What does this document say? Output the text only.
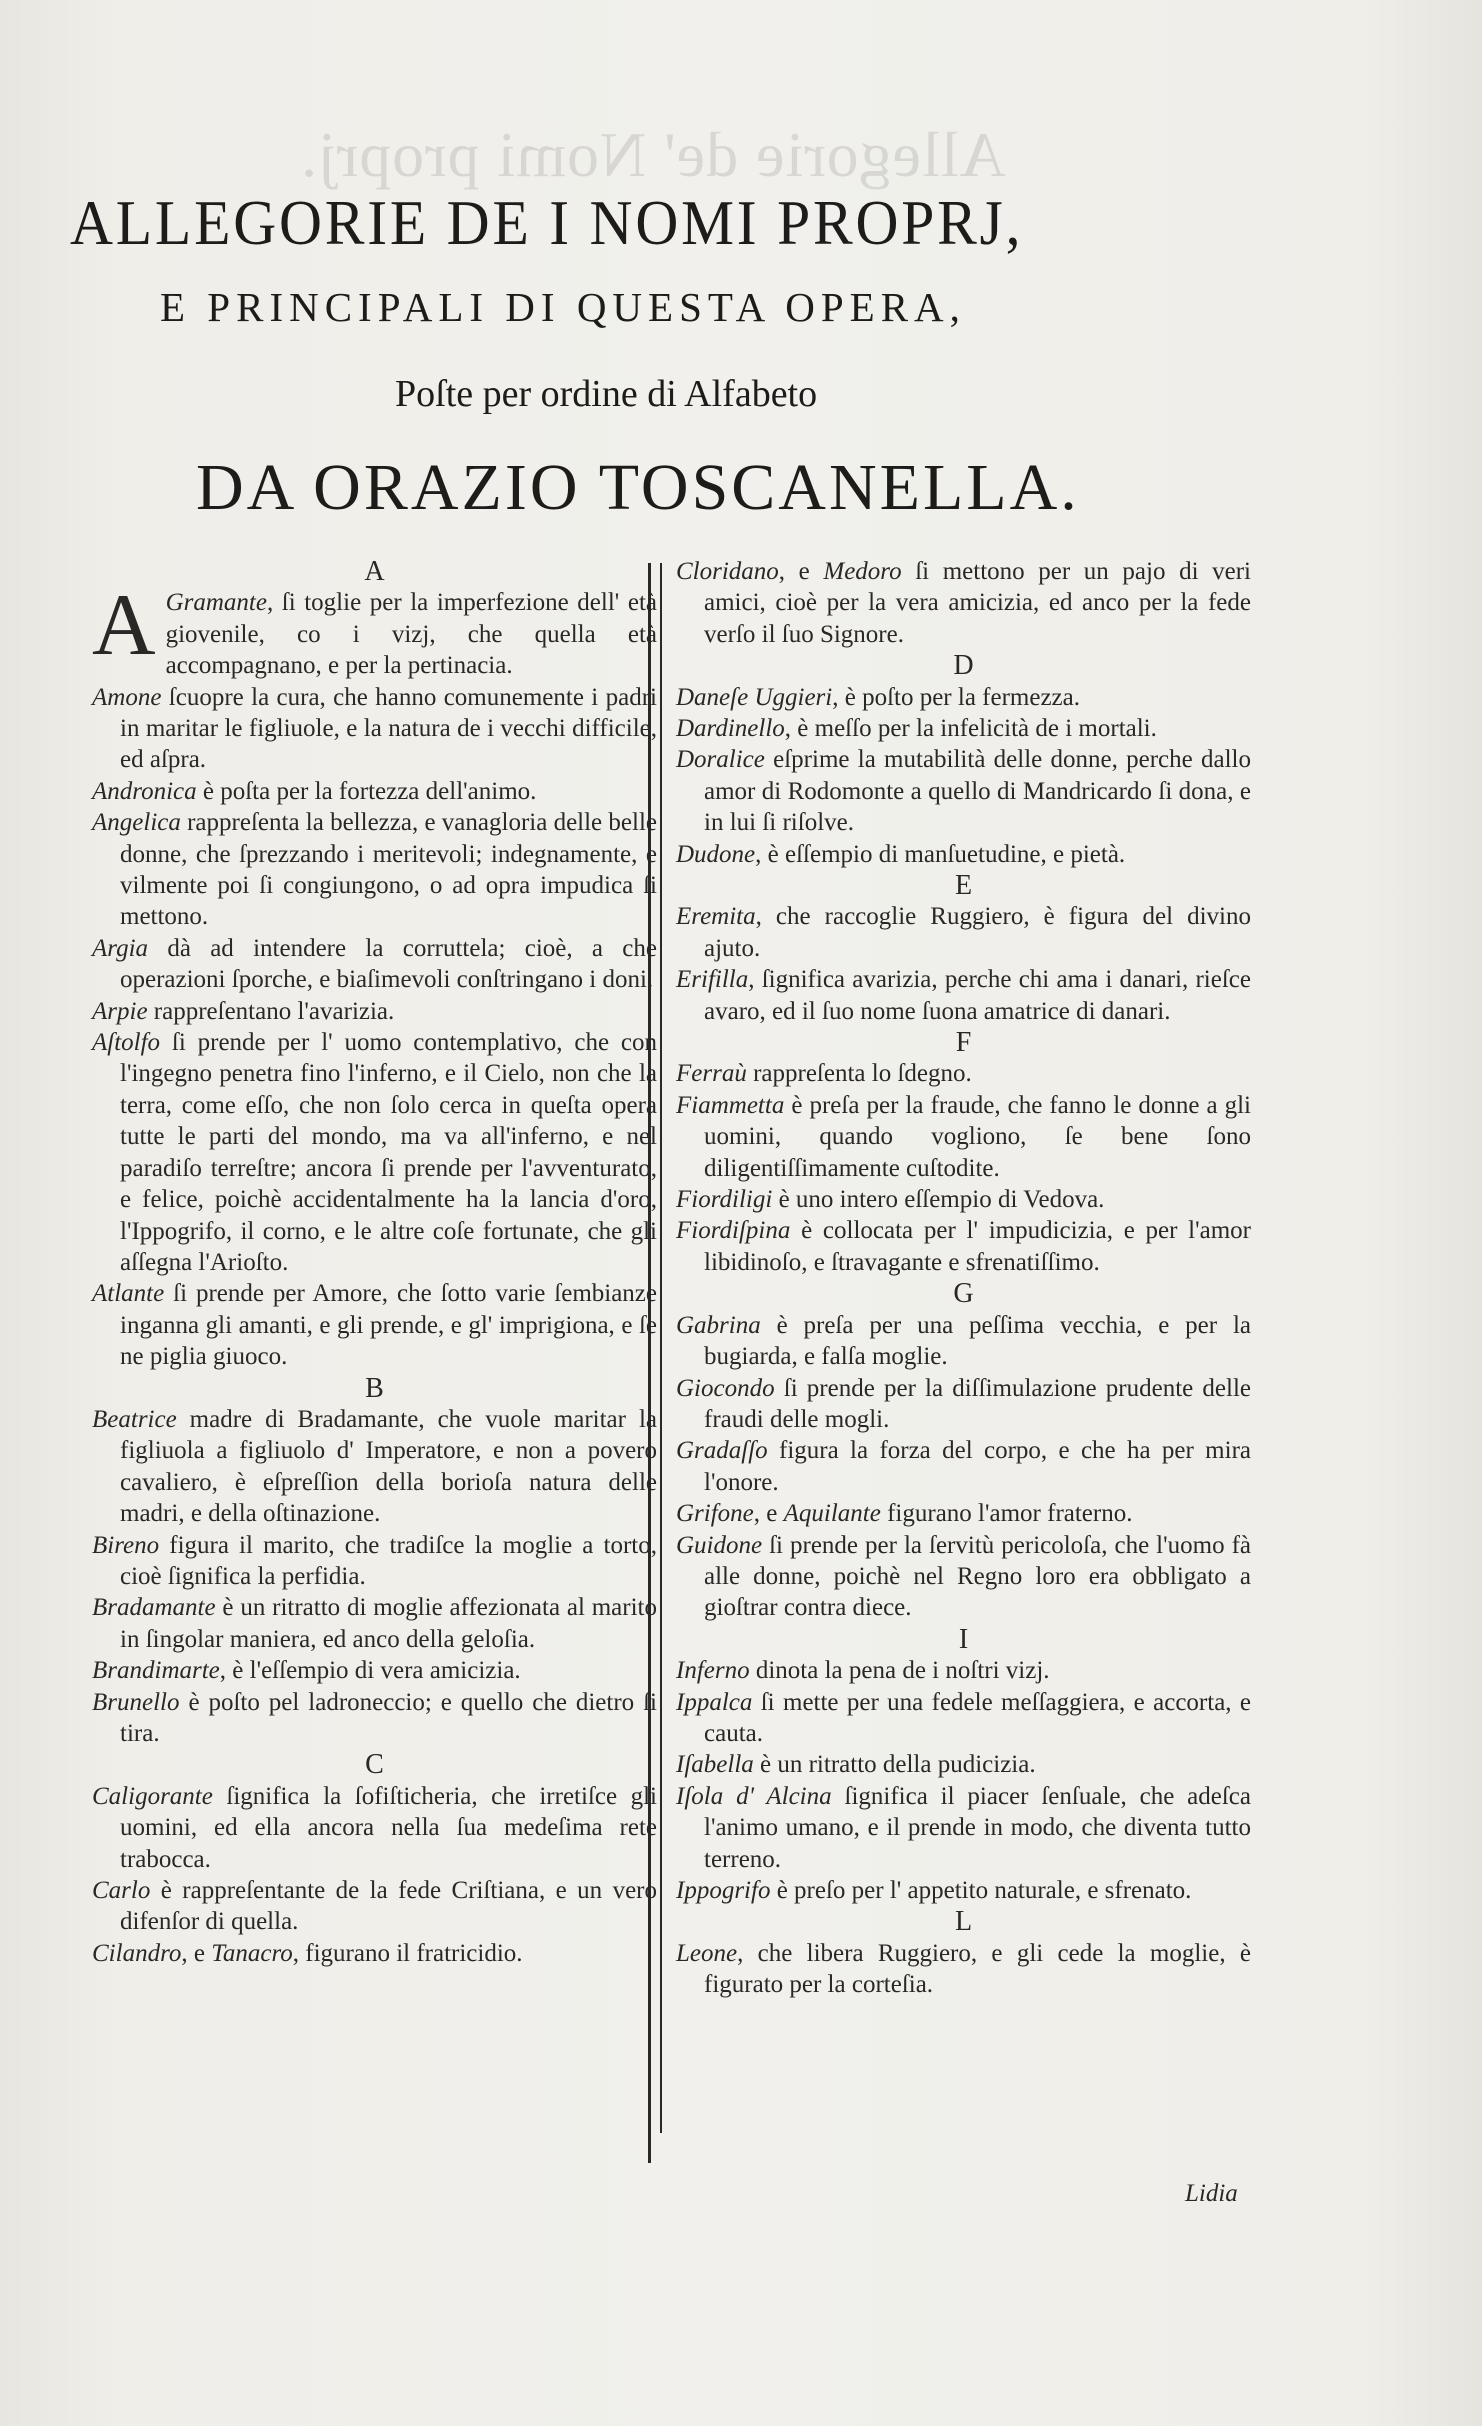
Allegorie de' Nomi proprj.
ALLEGORIE DE I NOMI PROPRJ,
E PRINCIPALI DI QUESTA OPERA,
Poſte per ordine di Alfabeto
DA ORAZIO TOSCANELLA.
A
A Gramante, ſi toglie per la imperfezione dell' età giovenile, co i vizj, che quella età accompagnano, e per la pertinacia.
Amone ſcuopre la cura, che hanno comunemente i padri in maritar le figliuole, e la natura de i vecchi difficile, ed aſpra.
Andronica è poſta per la fortezza dell'animo.
Angelica rappreſenta la bellezza, e vanagloria delle belle donne, che ſprezzando i meritevoli; indegnamente, e vilmente poi ſi congiungono, o ad opra impudica ſi mettono.
Argia dà ad intendere la corruttela; cioè, a che operazioni ſporche, e biaſimevoli conſtringano i doni.
Arpie rappreſentano l'avarizia.
Aſtolfo ſi prende per l' uomo contemplativo, che con l'ingegno penetra fino l'inferno, e il Cielo, non che la terra, come eſſo, che non ſolo cerca in queſta opera tutte le parti del mondo, ma va all'inferno, e nel paradiſo terreſtre; ancora ſi prende per l'avventurato, e felice, poichè accidentalmente ha la lancia d'oro, l'Ippogrifo, il corno, e le altre coſe fortunate, che gli aſſegna l'Arioſto.
Atlante ſi prende per Amore, che ſotto varie ſembianze inganna gli amanti, e gli prende, e gl' imprigiona, e ſe ne piglia giuoco.
B
Beatrice madre di Bradamante, che vuole maritar la figliuola a figliuolo d' Imperatore, e non a povero cavaliero, è eſpreſſion della borioſa natura delle madri, e della oſtinazione.
Bireno figura il marito, che tradiſce la moglie a torto, cioè ſignifica la perfidia.
Bradamante è un ritratto di moglie affezionata al marito in ſingolar maniera, ed anco della geloſia.
Brandimarte, è l'eſſempio di vera amicizia.
Brunello è poſto pel ladroneccio; e quello che dietro ſi tira.
C
Caligorante ſignifica la ſofiſticheria, che irretiſce gli uomini, ed ella ancora nella ſua medeſima rete trabocca.
Carlo è rappreſentante de la fede Criſtiana, e un vero difenſor di quella.
Cilandro, e Tanacro, figurano il fratricidio.
Cloridano, e Medoro ſi mettono per un pajo di veri amici, cioè per la vera amicizia, ed anco per la fede verſo il ſuo Signore.
D
Daneſe Uggieri, è poſto per la fermezza.
Dardinello, è meſſo per la infelicità de i mortali.
Doralice eſprime la mutabilità delle donne, perche dallo amor di Rodomonte a quello di Mandricardo ſi dona, e in lui ſi riſolve.
Dudone, è eſſempio di manſuetudine, e pietà.
E
Eremita, che raccoglie Ruggiero, è figura del divino ajuto.
Erifilla, ſignifica avarizia, perche chi ama i danari, rieſce avaro, ed il ſuo nome ſuona amatrice di danari.
F
Ferraù rappreſenta lo ſdegno.
Fiammetta è preſa per la fraude, che fanno le donne a gli uomini, quando vogliono, ſe bene ſono diligentiſſimamente cuſtodite.
Fiordiligi è uno intero eſſempio di Vedova.
Fiordiſpina è collocata per l' impudicizia, e per l'amor libidinoſo, e ſtravagante e sfrenatiſſimo.
G
Gabrina è preſa per una peſſima vecchia, e per la bugiarda, e falſa moglie.
Giocondo ſi prende per la diſſimulazione prudente delle fraudi delle mogli.
Gradaſſo figura la forza del corpo, e che ha per mira l'onore.
Grifone, e Aquilante figurano l'amor fraterno.
Guidone ſi prende per la ſervitù pericoloſa, che l'uomo fà alle donne, poichè nel Regno loro era obbligato a gioſtrar contra diece.
I
Inferno dinota la pena de i noſtri vizj.
Ippalca ſi mette per una fedele meſſaggiera, e accorta, e cauta.
Iſabella è un ritratto della pudicizia.
Iſola d' Alcina ſignifica il piacer ſenſuale, che adeſca l'animo umano, e il prende in modo, che diventa tutto terreno.
Ippogrifo è preſo per l' appetito naturale, e sfrenato.
L
Leone, che libera Ruggiero, e gli cede la moglie, è figurato per la corteſia.
Lidia
